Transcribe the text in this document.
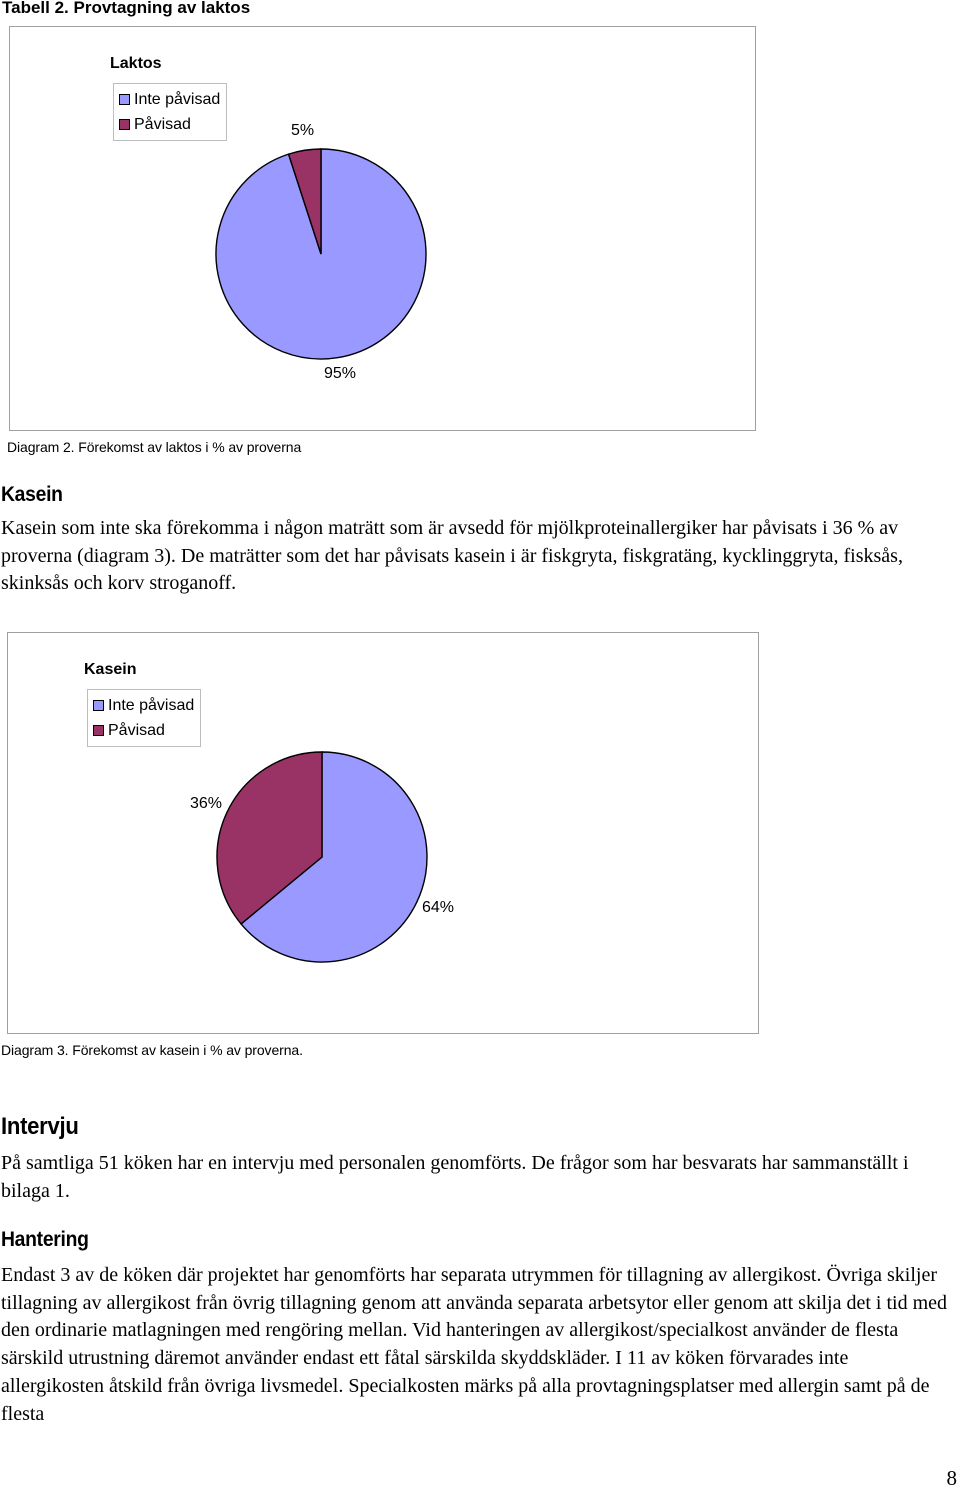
Tabell 2. Provtagning av laktos
Laktos
Inte påvisad
Påvisad	5%
95%
Diagram 2. Förekomst av laktos i % av proverna
Kasein

Kasein som inte ska förekomma i någon maträtt som är avsedd för mjölkproteinallergiker har påvisats i 36 % av proverna (diagram 3). De maträtter som det har påvisats kasein i är fiskgryta, fiskgratäng, kycklinggryta, fisksås, skinksås och korv stroganoff.

Kasein
Inte påvisad
Påvisad
36%
64%
Diagram 3. Förekomst av kasein i % av proverna.
Intervju

På samtliga 51 köken har en intervju med personalen genomförts. De frågor som har besvarats har sammanställt i bilaga 1.

Hantering

Endast 3 av de köken där projektet har genomförts har separata utrymmen för tillagning av allergikost. Övriga skiljer tillagning av allergikost från övrig tillagning genom att använda separata arbetsytor eller genom att skilja det i tid med den ordinarie matlagningen med rengöring mellan. Vid hanteringen av allergikost/specialkost använder de flesta särskild utrustning däremot använder endast ett fåtal särskilda skyddskläder. I 11 av köken förvarades inte allergikosten åtskild från övriga livsmedel. Specialkosten märks på alla provtagningsplatser med allergin samt på de flesta

8
